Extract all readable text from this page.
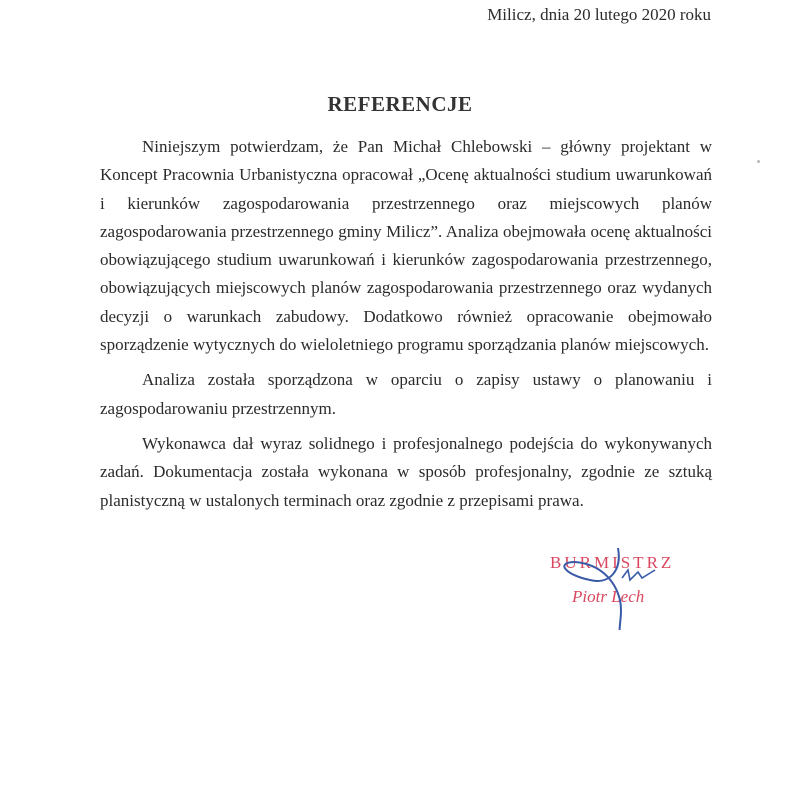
Milicz, dnia 20 lutego 2020 roku
REFERENCJE

Niniejszym potwierdzam, że Pan Michał Chlebowski – główny projektant w Koncept Pracownia Urbanistyczna opracował „Ocenę aktualności studium uwarunkowań i kierunków zagospodarowania przestrzennego oraz miejscowych planów zagospodarowania przestrzennego gminy Milicz”. Analiza obejmowała ocenę aktualności obowiązującego studium uwarunkowań i kierunków zagospodarowania przestrzennego, obowiązujących miejscowych planów zagospodarowania przestrzennego oraz wydanych decyzji o warunkach zabudowy. Dodatkowo również opracowanie obejmowało sporządzenie wytycznych do wieloletniego programu sporządzania planów miejscowych.

Analiza została sporządzona w oparciu o zapisy ustawy o planowaniu i zagospodarowaniu przestrzennym.

Wykonawca dał wyraz solidnego i profesjonalnego podejścia do wykonywanych zadań. Dokumentacja została wykonana w sposób profesjonalny, zgodnie ze sztuką planistyczną w ustalonych terminach oraz zgodnie z przepisami prawa.

BURMISTRZ
Piotr Lech
